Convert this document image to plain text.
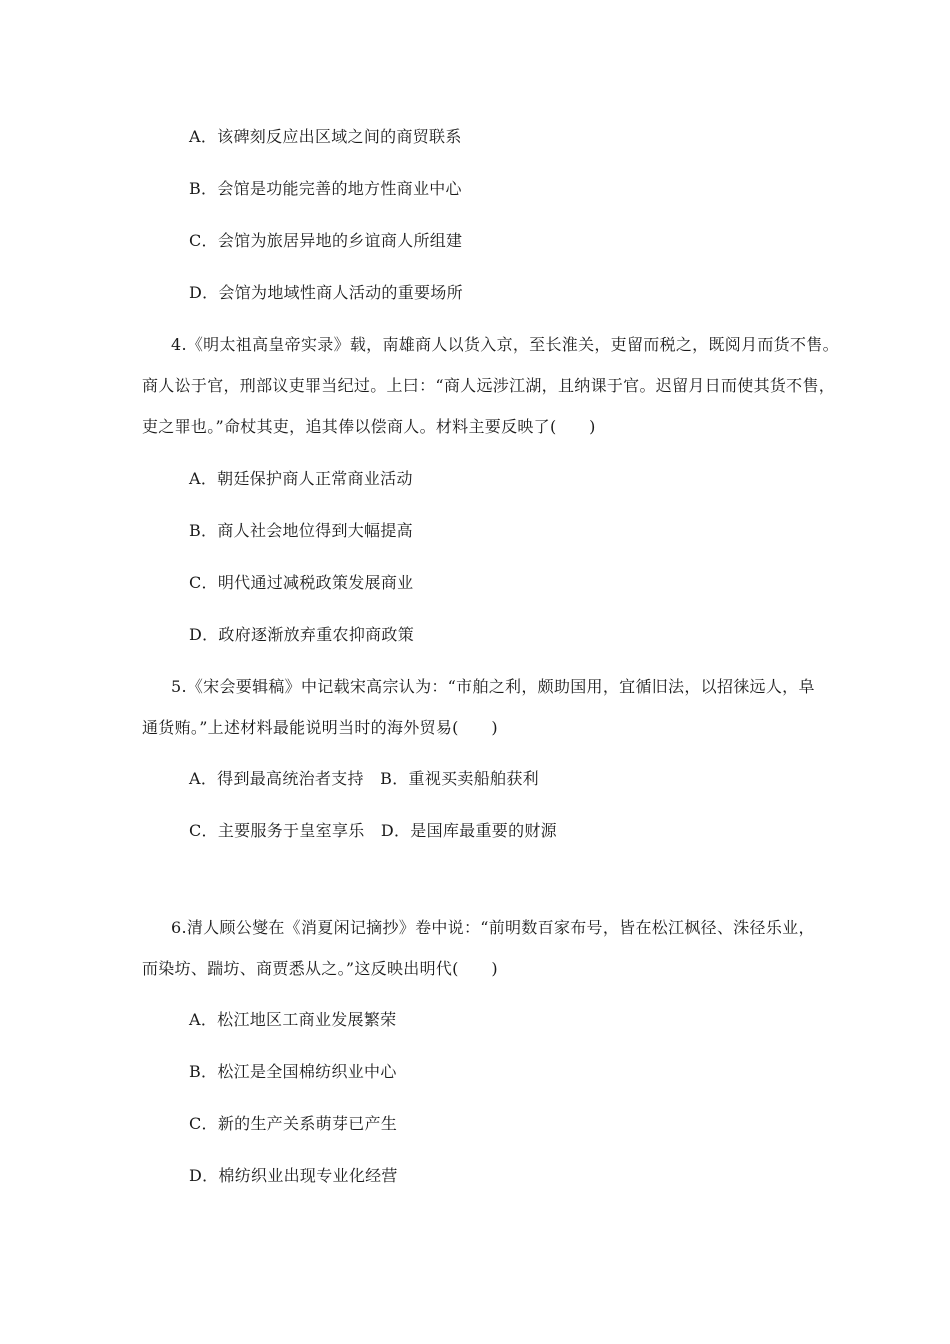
A．该碑刻反应出区域之间的商贸联系
B．会馆是功能完善的地方性商业中心
C．会馆为旅居异地的乡谊商人所组建
D．会馆为地域性商人活动的重要场所
4.《明太祖高皇帝实录》载，南雄商人以货入京，至长淮关，吏留而税之，既阅月而货不售。
商人讼于官，刑部议吏罪当纪过。上曰：“商人远涉江湖，且纳课于官。迟留月日而使其货不售，
吏之罪也。”命杖其吏，追其俸以偿商人。材料主要反映了(　　)
A．朝廷保护商人正常商业活动
B．商人社会地位得到大幅提高
C．明代通过减税政策发展商业
D．政府逐渐放弃重农抑商政策
5.《宋会要辑稿》中记载宋高宗认为：“市舶之利，颇助国用，宜循旧法，以招徕远人，阜
通货贿。”上述材料最能说明当时的海外贸易(　　)
A．得到最高统治者支持　B．重视买卖船舶获利
C．主要服务于皇室享乐　D．是国库最重要的财源
6.清人顾公燮在《消夏闲记摘抄》卷中说：“前明数百家布号，皆在松江枫径、洙径乐业，
而染坊、踹坊、商贾悉从之。”这反映出明代(　　)
A．松江地区工商业发展繁荣
B．松江是全国棉纺织业中心
C．新的生产关系萌芽已产生
D．棉纺织业出现专业化经营
